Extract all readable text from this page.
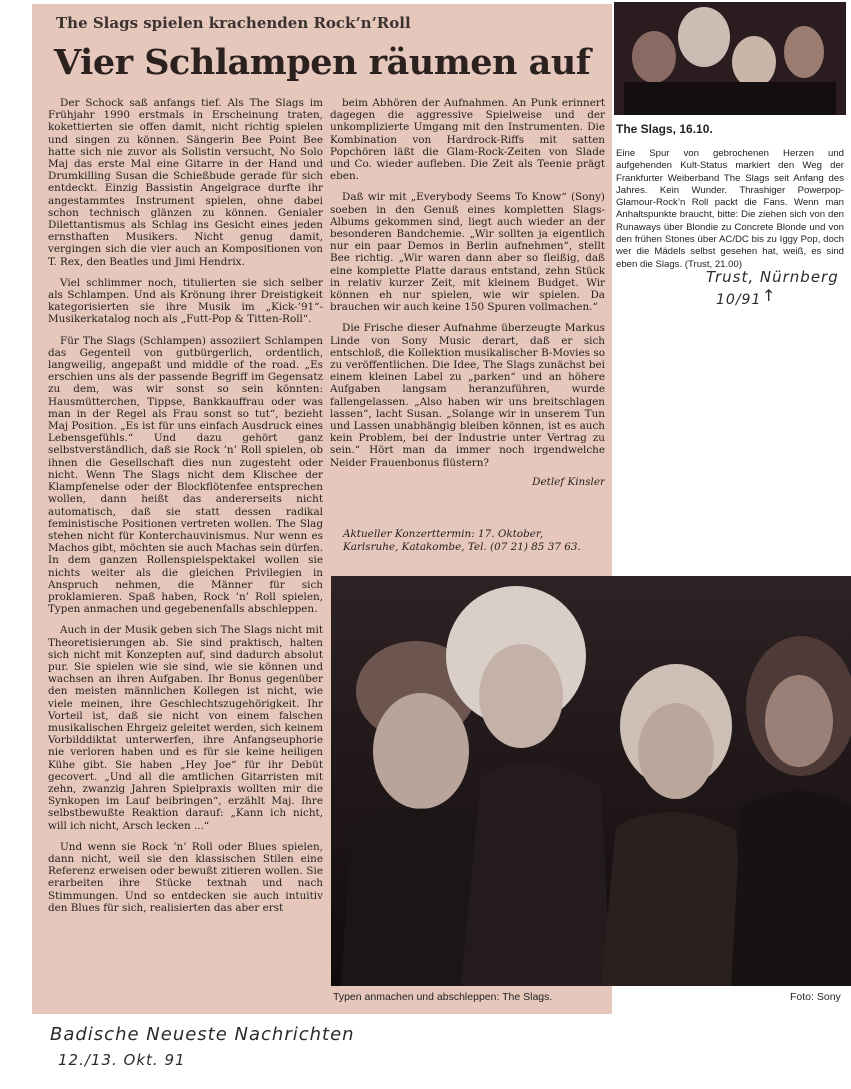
The Slags spielen krachenden Rock’n’Roll
Vier Schlampen räumen auf

Der Schock saß anfangs tief. Als The Slags im Frühjahr 1990 erstmals in Erscheinung traten, kokettierten sie offen damit, nicht richtig spielen und singen zu können. Sängerin Bee Point Bee hatte sich nie zuvor als Solistin versucht, No Solo Maj das erste Mal eine Gitarre in der Hand und Drumkilling Susan die Schießbude gerade für sich entdeckt. Einzig Bassistin Angelgrace durfte ihr angestammtes Instrument spielen, ohne dabei schon technisch glänzen zu können. Genialer Dilettantismus als Schlag ins Gesicht eines jeden ernsthaften Musikers. Nicht genug damit, vergingen sich die vier auch an Kompositionen von T. Rex, den Beatles und Jimi Hendrix.

Viel schlimmer noch, titulierten sie sich selber als Schlampen. Und als Krönung ihrer Dreistigkeit kategorisierten sie ihre Musik im „Kick-’91“-Musikerkatalog noch als „Futt-Pop & Titten-Roll“.

Für The Slags (Schlampen) assoziiert Schlampen das Gegenteil von gutbürgerlich, ordentlich, langweilig, angepaßt und middle of the road. „Es erschien uns als der passende Begriff im Gegensatz zu dem, was wir sonst so sein könnten: Hausmütterchen, Tippse, Bankkauffrau oder was man in der Regel als Frau sonst so tut“, bezieht Maj Position. „Es ist für uns einfach Ausdruck eines Lebensgefühls.“ Und dazu gehört ganz selbstverständlich, daß sie Rock ’n’ Roll spielen, ob ihnen die Gesellschaft dies nun zugesteht oder nicht. Wenn The Slags nicht dem Klischee der Klampfenelse oder der Blockflötenfee entsprechen wollen, dann heißt das andererseits nicht automatisch, daß sie statt dessen radikal feministische Positionen vertreten wollen. The Slag stehen nicht für Konterchauvinismus. Nur wenn es Machos gibt, möchten sie auch Machas sein dürfen. In dem ganzen Rollenspielspektakel wollen sie nichts weiter als die gleichen Privilegien in Anspruch nehmen, die Männer für sich proklamieren. Spaß haben, Rock ’n’ Roll spielen, Typen anmachen und gegebenenfalls abschleppen.

Auch in der Musik geben sich The Slags nicht mit Theoretisierungen ab. Sie sind praktisch, halten sich nicht mit Konzepten auf, sind dadurch absolut pur. Sie spielen wie sie sind, wie sie können und wachsen an ihren Aufgaben. Ihr Bonus gegenüber den meisten männlichen Kollegen ist nicht, wie viele meinen, ihre Geschlechtszugehörigkeit. Ihr Vorteil ist, daß sie nicht von einem falschen musikalischen Ehrgeiz geleitet werden, sich keinem Vorbilddiktat unterwerfen, ihre Anfangseuphorie nie verloren haben und es für sie keine heiligen Kühe gibt. Sie haben „Hey Joe“ für ihr Debüt gecovert. „Und all die amtlichen Gitarristen mit zehn, zwanzig Jahren Spielpraxis wollten mir die Synkopen im Lauf beibringen“, erzählt Maj. Ihre selbstbewußte Reaktion darauf: „Kann ich nicht, will ich nicht, Arsch lecken ...“

Und wenn sie Rock ’n’ Roll oder Blues spielen, dann nicht, weil sie den klassischen Stilen eine Referenz erweisen oder bewußt zitieren wollen. Sie erarbeiten ihre Stücke textnah und nach Stimmungen. Und so entdecken sie auch intuitiv den Blues für sich, realisierten das aber erst

beim Abhören der Aufnahmen. An Punk erinnert dagegen die aggressive Spielweise und der unkomplizierte Umgang mit den Instrumenten. Die Kombination von Hardrock-Riffs mit satten Popchören läßt die Glam-Rock-Zeiten von Slade und Co. wieder aufleben. Die Zeit als Teenie prägt eben.

Daß wir mit „Everybody Seems To Know“ (Sony) soeben in den Genuß eines kompletten Slags-Albums gekommen sind, liegt auch wieder an der besonderen Bandchemie. „Wir sollten ja eigentlich nur ein paar Demos in Berlin aufnehmen“, stellt Bee richtig. „Wir waren dann aber so fleißig, daß eine komplette Platte daraus entstand, zehn Stück in relativ kurzer Zeit, mit kleinem Budget. Wir können eh nur spielen, wie wir spielen. Da brauchen wir auch keine 150 Spuren vollmachen.“

Die Frische dieser Aufnahme überzeugte Markus Linde von Sony Music derart, daß er sich entschloß, die Kollektion musikalischer B-Movies so zu veröffentlichen. Die Idee, The Slags zunächst bei einem kleinen Label zu „parken“ und an höhere Aufgaben langsam heranzuführen, wurde fallengelassen. „Also haben wir uns breitschlagen lassen“, lacht Susan. „Solange wir in unserem Tun und Lassen unabhängig bleiben können, ist es auch kein Problem, bei der Industrie unter Vertrag zu sein.“ Hört man da immer noch irgendwelche Neider Frauenbonus flüstern?

Detlef Kinsler
Aktueller Konzerttermin: 17. Oktober, Karlsruhe, Katakombe, Tel. (07 21) 85 37 63.
The Slags, 16.10.
Eine Spur von gebrochenen Herzen und aufgehenden Kult-Status markiert den Weg der Frankfurter Weiberband The Slags seit Anfang des Jahres. Kein Wunder. Thrashiger Powerpop-Glamour-Rock’n Roll packt die Fans. Wenn man Anhaltspunkte braucht, bitte: Die ziehen sich von den Runaways über Blondie zu Concrete Blonde und von den frühen Stones über AC/DC bis zu Iggy Pop, doch wer die Mädels selbst gesehen hat, weiß, es sind eben die Slags. (Trust, 21.00)
Typen anmachen und abschleppen: The Slags.	Foto: Sony
Trust, Nürnberg
10/91 ↑
Badische Neueste Nachrichten
12./13. Okt. 91
